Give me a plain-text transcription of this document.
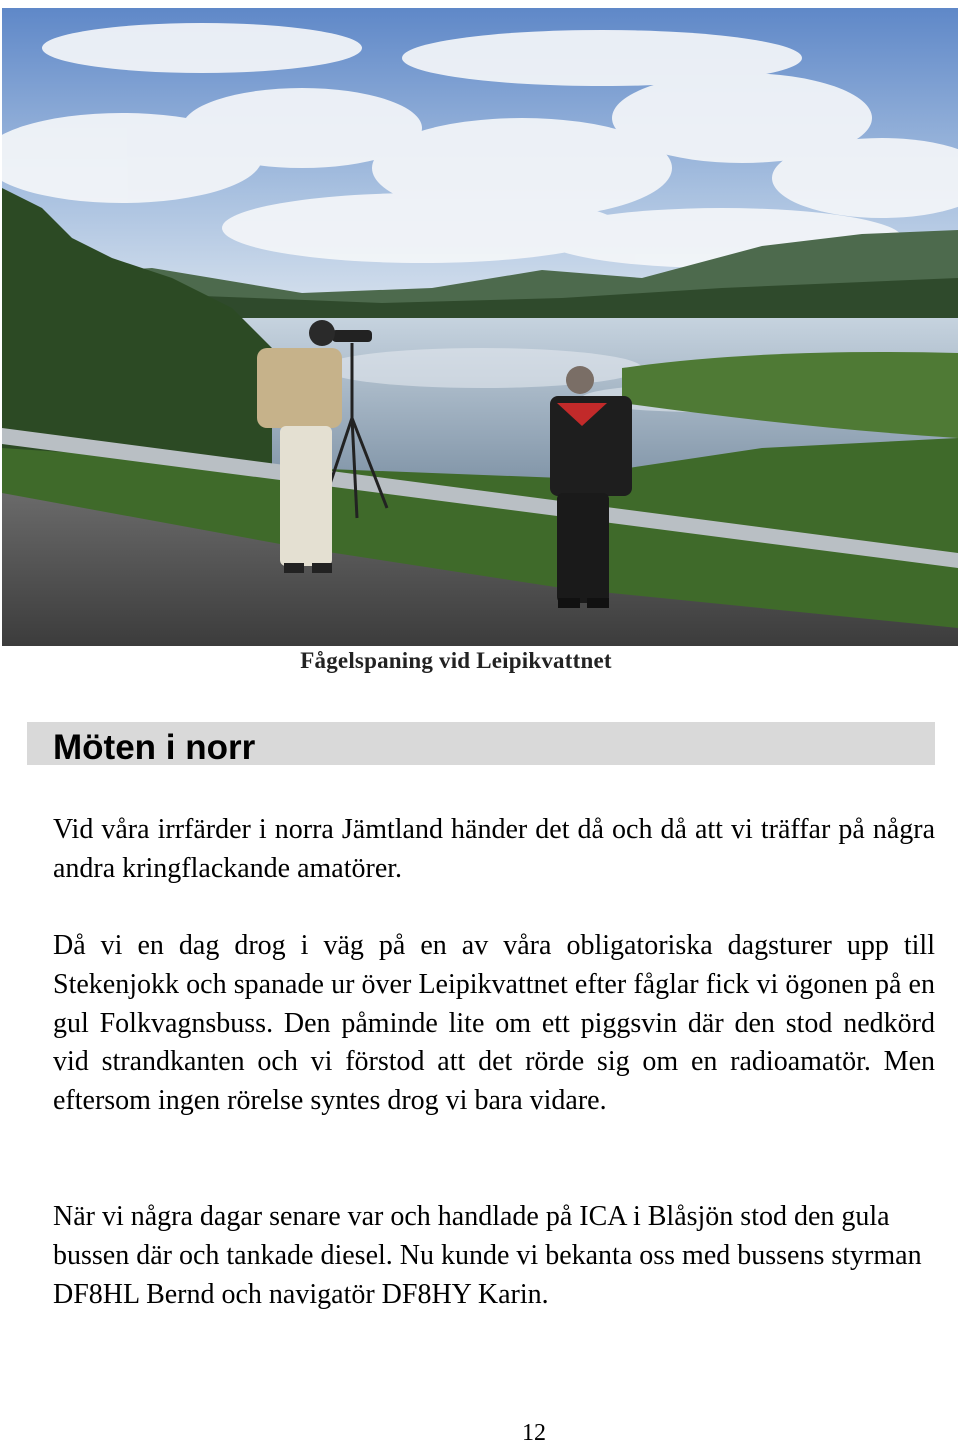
Fågelspaning vid Leipikvattnet
Möten i norr

Vid våra irrfärder i norra Jämtland händer det då och då att vi träffar på några andra kringflackande amatörer.

Då vi en dag drog i väg på en av våra obligatoriska dagsturer upp till Stekenjokk och spanade ur över Leipikvattnet efter fåglar fick vi ögonen på en gul Folkvagnsbuss. Den påminde lite om ett piggsvin där den stod nedkörd vid strandkanten och vi förstod att det rörde sig om en radioamatör. Men eftersom ingen rörelse syntes drog vi bara vidare.

När vi några dagar senare var och handlade på ICA i Blåsjön stod den gula bussen där och tankade diesel. Nu kunde vi bekanta oss med bussens styrman DF8HL Bernd och navigatör DF8HY Karin.

12
